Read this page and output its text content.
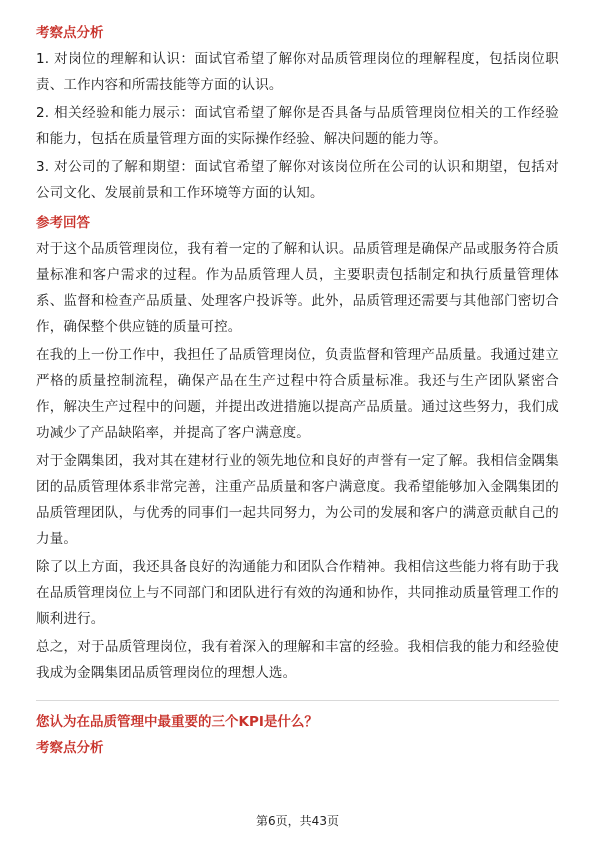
考察点分析

1. 对岗位的理解和认识：面试官希望了解你对品质管理岗位的理解程度，包括岗位职责、工作内容和所需技能等方面的认识。

2. 相关经验和能力展示：面试官希望了解你是否具备与品质管理岗位相关的工作经验和能力，包括在质量管理方面的实际操作经验、解决问题的能力等。

3. 对公司的了解和期望：面试官希望了解你对该岗位所在公司的认识和期望，包括对公司文化、发展前景和工作环境等方面的认知。

参考回答

对于这个品质管理岗位，我有着一定的了解和认识。品质管理是确保产品或服务符合质量标准和客户需求的过程。作为品质管理人员，主要职责包括制定和执行质量管理体系、监督和检查产品质量、处理客户投诉等。此外，品质管理还需要与其他部门密切合作，确保整个供应链的质量可控。

在我的上一份工作中，我担任了品质管理岗位，负责监督和管理产品质量。我通过建立严格的质量控制流程，确保产品在生产过程中符合质量标准。我还与生产团队紧密合作，解决生产过程中的问题，并提出改进措施以提高产品质量。通过这些努力，我们成功减少了产品缺陷率，并提高了客户满意度。

对于金隅集团，我对其在建材行业的领先地位和良好的声誉有一定了解。我相信金隅集团的品质管理体系非常完善，注重产品质量和客户满意度。我希望能够加入金隅集团的品质管理团队，与优秀的同事们一起共同努力，为公司的发展和客户的满意贡献自己的力量。

除了以上方面，我还具备良好的沟通能力和团队合作精神。我相信这些能力将有助于我在品质管理岗位上与不同部门和团队进行有效的沟通和协作，共同推动质量管理工作的顺利进行。

总之，对于品质管理岗位，我有着深入的理解和丰富的经验。我相信我的能力和经验使我成为金隅集团品质管理岗位的理想人选。

您认为在品质管理中最重要的三个KPI是什么？
考察点分析
第6页，共43页
